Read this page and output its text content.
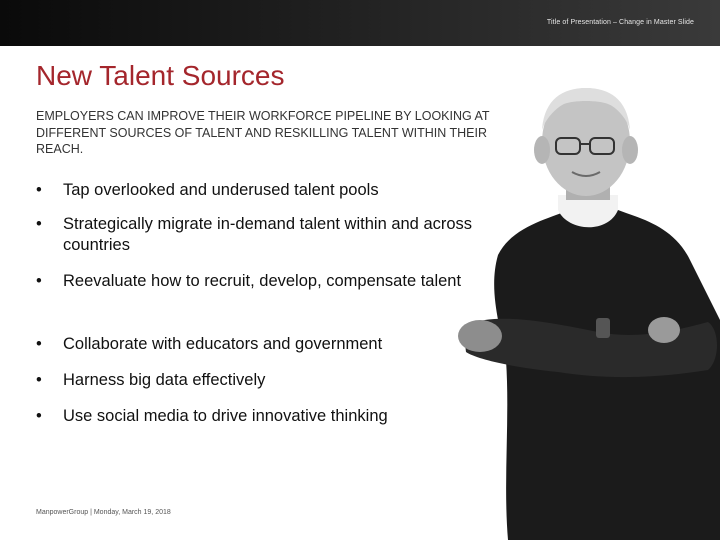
Title of Presentation – Change in Master Slide
New Talent Sources

EMPLOYERS CAN IMPROVE THEIR WORKFORCE PIPELINE BY LOOKING AT DIFFERENT SOURCES OF TALENT AND RESKILLING TALENT WITHIN THEIR REACH.

•	Tap overlooked and underused talent pools
•	Strategically migrate in-demand talent within and across countries
•	Reevaluate how to recruit, develop, compensate talent
•	Collaborate with educators and government
•	Harness big data effectively
•	Use social media to drive innovative thinking
ManpowerGroup | Monday, March 19, 2018
